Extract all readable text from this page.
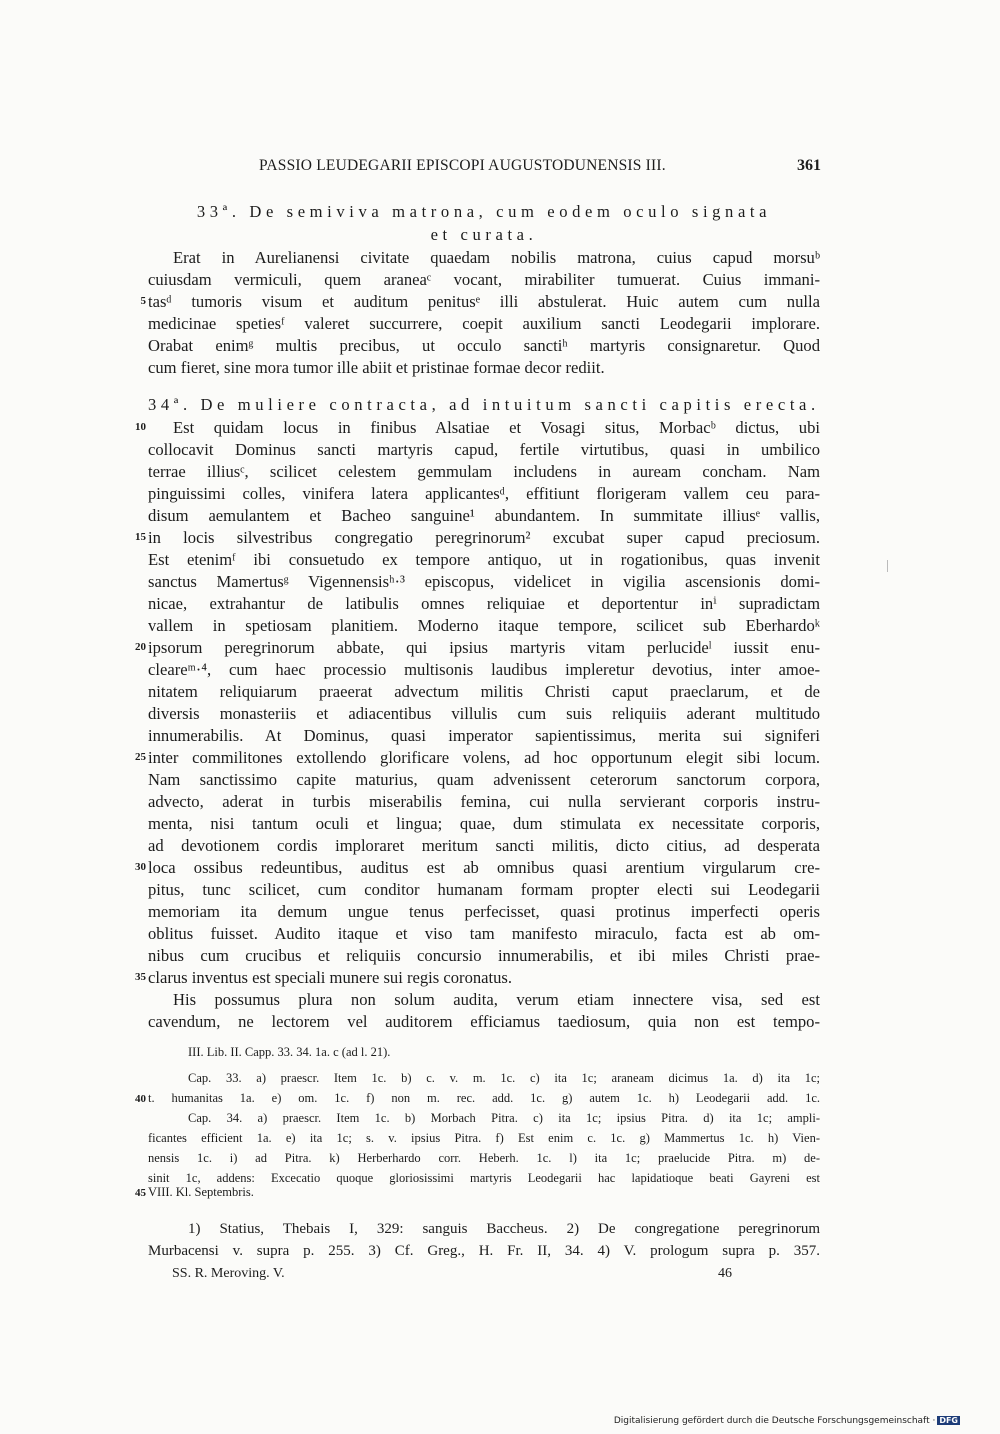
PASSIO LEUDEGARII EPISCOPI AUGUSTODUNENSIS III.	361
33ª. De semiviva matrona, cum eodem oculo signata
et curata.
Erat in Aurelianensi civitate quaedam nobilis matrona, cuius capud morsuᵇ
cuiusdam vermiculi, quem araneaᶜ vocant, mirabiliter tumuerat. Cuius immani-
tasᵈ tumoris visum et auditum penitusᵉ illi abstulerat. Huic autem cum nulla
medicinae spetiesᶠ valeret succurrere, coepit auxilium sancti Leodegarii implorare.
Orabat enimᵍ multis precibus, ut occulo sanctiʰ martyris consignaretur. Quod
cum fieret, sine mora tumor ille abiit et pristinae formae decor rediit.
34ª. De muliere contracta, ad intuitum sancti capitis erecta.
Est quidam locus in finibus Alsatiae et Vosagi situs, Morbacᵇ dictus, ubi
collocavit Dominus sancti martyris capud, fertile virtutibus, quasi in umbilico
terrae illiusᶜ, scilicet celestem gemmulam includens in auream concham. Nam
pinguissimi colles, vinifera latera applicantesᵈ, effitiunt florigeram vallem ceu para-
disum aemulantem et Bacheo sanguine¹ abundantem. In summitate illiusᵉ vallis,
in locis silvestribus congregatio peregrinorum² excubat super capud preciosum.
Est etenimᶠ ibi consuetudo ex tempore antiquo, ut in rogationibus, quas invenit
sanctus Mamertusᵍ Vigennensisʰ·³ episcopus, videlicet in vigilia ascensionis domi-
nicae, extrahantur de latibulis omnes reliquiae et deportentur inⁱ supradictam
vallem in spetiosam planitiem. Moderno itaque tempore, scilicet sub Eberhardoᵏ
ipsorum peregrinorum abbate, qui ipsius martyris vitam perlucideˡ iussit enu-
cleareᵐ·⁴, cum haec processio multisonis laudibus impleretur devotius, inter amoe-
nitatem reliquiarum praeerat advectum militis Christi caput praeclarum, et de
diversis monasteriis et adiacentibus villulis cum suis reliquiis aderant multitudo
innumerabilis. At Dominus, quasi imperator sapientissimus, merita sui signiferi
inter commilitones extollendo glorificare volens, ad hoc opportunum elegit sibi locum.
Nam sanctissimo capite maturius, quam advenissent ceterorum sanctorum corpora,
advecto, aderat in turbis miserabilis femina, cui nulla servierant corporis instru-
menta, nisi tantum oculi et lingua; quae, dum stimulata ex necessitate corporis,
ad devotionem cordis imploraret meritum sancti militis, dicto citius, ad desperata
loca ossibus redeuntibus, auditus est ab omnibus quasi arentium virgularum cre-
pitus, tunc scilicet, cum conditor humanam formam propter electi sui Leodegarii
memoriam ita demum ungue tenus perfecisset, quasi protinus imperfecti operis
oblitus fuisset. Audito itaque et viso tam manifesto miraculo, facta est ab om-
nibus cum crucibus et reliquiis concursio innumerabilis, et ibi miles Christi prae-
clarus inventus est speciali munere sui regis coronatus.
His possumus plura non solum audita, verum etiam innectere visa, sed est
cavendum, ne lectorem vel auditorem efficiamus taediosum, quia non est tempo-
5
10
15
20
25
30
35
40
45
III. Lib. II. Capp. 33. 34. 1a. c (ad l. 21).
Cap. 33. a) praescr. Item 1c. b) c. v. m. 1c. c) ita 1c; araneam dicimus 1a. d) ita 1c;
t. humanitas 1a. e) om. 1c. f) non m. rec. add. 1c. g) autem 1c. h) Leodegarii add. 1c.
Cap. 34. a) praescr. Item 1c. b) Morbach Pitra. c) ita 1c; ipsius Pitra. d) ita 1c; ampli-
ficantes efficient 1a. e) ita 1c; s. v. ipsius Pitra. f) Est enim c. 1c. g) Mammertus 1c. h) Vien-
nensis 1c. i) ad Pitra. k) Herberhardo corr. Heberh. 1c. l) ita 1c; praelucide Pitra. m) de-
sinit 1c, addens: Excecatio quoque gloriosissimi martyris Leodegarii hac lapidatioque beati Gayreni est
VIII. Kl. Septembris.
1) Statius, Thebais I, 329: sanguis Baccheus. 2) De congregatione peregrinorum
Murbacensi v. supra p. 255. 3) Cf. Greg., H. Fr. II, 34. 4) V. prologum supra p. 357.
SS. R. Meroving. V.	46
Digitalisierung gefördert durch die Deutsche Forschungsgemeinschaft · DFG
